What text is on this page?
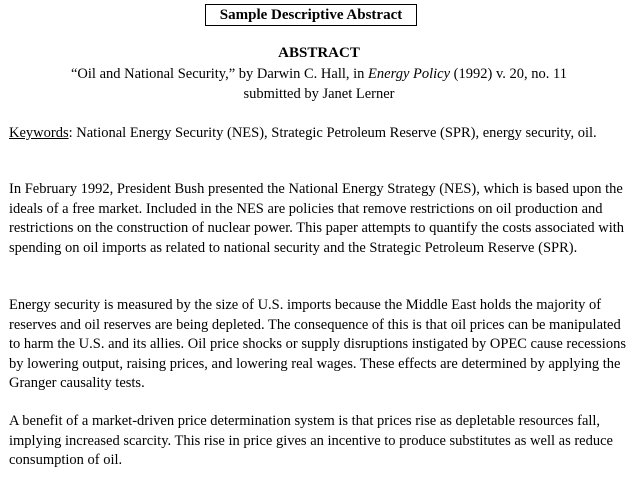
Sample Descriptive Abstract
ABSTRACT
“Oil and National Security,” by Darwin C. Hall, in Energy Policy (1992) v. 20, no. 11
submitted by Janet Lerner
Keywords: National Energy Security (NES), Strategic Petroleum Reserve (SPR), energy security, oil.
In February 1992, President Bush presented the National Energy Strategy (NES), which is based upon the ideals of a free market. Included in the NES are policies that remove restrictions on oil production and restrictions on the construction of nuclear power. This paper attempts to quantify the costs associated with spending on oil imports as related to national security and the Strategic Petroleum Reserve (SPR).
Energy security is measured by the size of U.S. imports because the Middle East holds the majority of reserves and oil reserves are being depleted. The consequence of this is that oil prices can be manipulated to harm the U.S. and its allies. Oil price shocks or supply disruptions instigated by OPEC cause recessions by lowering output, raising prices, and lowering real wages. These effects are determined by applying the Granger causality tests.
A benefit of a market-driven price determination system is that prices rise as depletable resources fall, implying increased scarcity. This rise in price gives an incentive to produce substitutes as well as reduce consumption of oil.
